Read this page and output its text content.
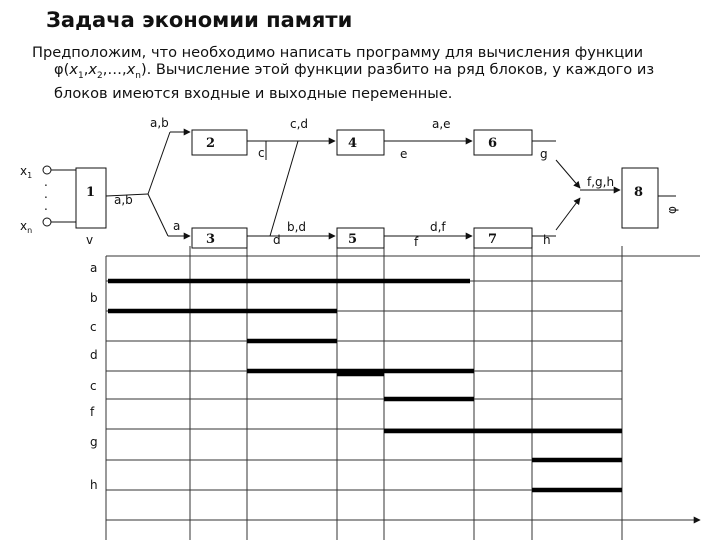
Задача экономии памяти
Предположим, что необходимо написать программу для вычисления функции
$\varphi(x_1,x_2,\dots,x_n)$. Вычисление этой функции разбито на ряд блоков, у каждого из
блоков имеются входные и выходные переменные.
a
b
c
d
c
f
g
h
$x_1$ .
.
.
$x_n$
v
1
2
3
4
5
6
7
8
a,b
a,b
a
c,d
c
b,d
d
a,e
e
d,f
f
g
h
f,g,h
φ
